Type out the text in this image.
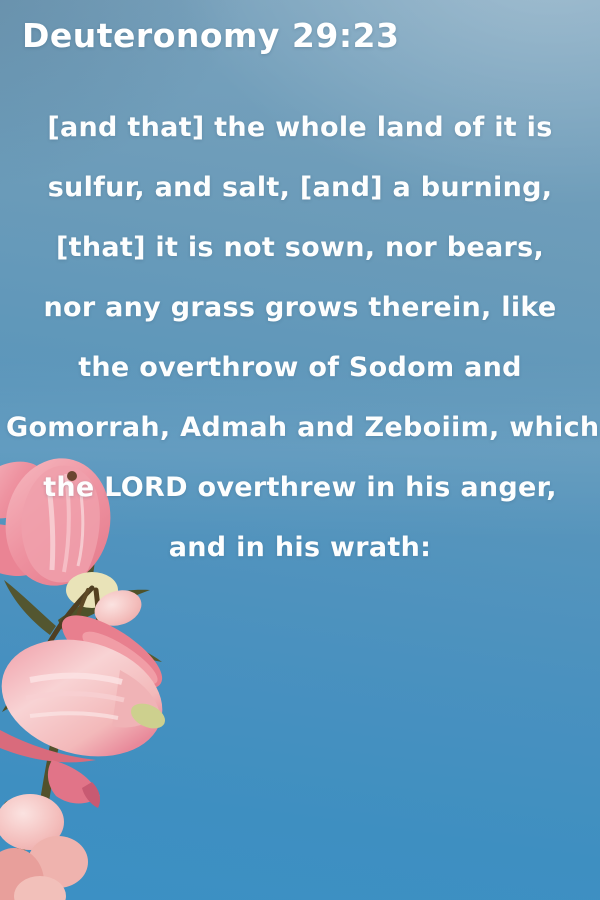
Deuteronomy 29:23
[and that] the whole land of it is
sulfur, and salt, [and] a burning,
[that] it is not sown, nor bears,
nor any grass grows therein, like
the overthrow of Sodom and
Gomorrah, Admah and Zeboiim, which
the LORD overthrew in his anger,
and in his wrath:
